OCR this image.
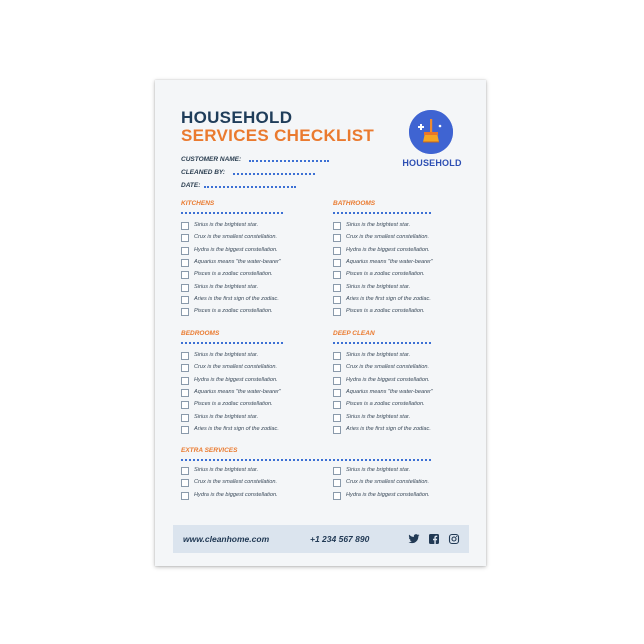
HOUSEHOLD
SERVICES CHECKLIST
HOUSEHOLD
CUSTOMER NAME:
CLEANED BY:
DATE:
KITCHENS
Sirius is the brightest star.
Crux is the smallest constellation.
Hydra is the biggest constellation.
Aquarius means "the water-bearer"
Pisces is a zodiac constellation.
Sirius is the brightest star.
Aries is the first sign of the zodiac.
Pisces is a zodiac constellation.
BATHROOMS
Sirius is the brightest star.
Crux is the smallest constellation.
Hydra is the biggest constellation.
Aquarius means "the water-bearer"
Pisces is a zodiac constellation.
Sirius is the brightest star.
Aries is the first sign of the zodiac.
Pisces is a zodiac constellation.
BEDROOMS
Sirius is the brightest star.
Crux is the smallest constellation.
Hydra is the biggest constellation.
Aquarius means "the water-bearer"
Pisces is a zodiac constellation.
Sirius is the brightest star.
Aries is the first sign of the zodiac.
DEEP CLEAN
Sirius is the brightest star.
Crux is the smallest constellation.
Hydra is the biggest constellation.
Aquarius means "the water-bearer"
Pisces is a zodiac constellation.
Sirius is the brightest star.
Aries is the first sign of the zodiac.
EXTRA SERVICES
Sirius is the brightest star.
Crux is the smallest constellation.
Hydra is the biggest constellation.
Sirius is the brightest star.
Crux is the smallest constellation.
Hydra is the biggest constellation.
www.cleanhome.com	+1 234 567 890
